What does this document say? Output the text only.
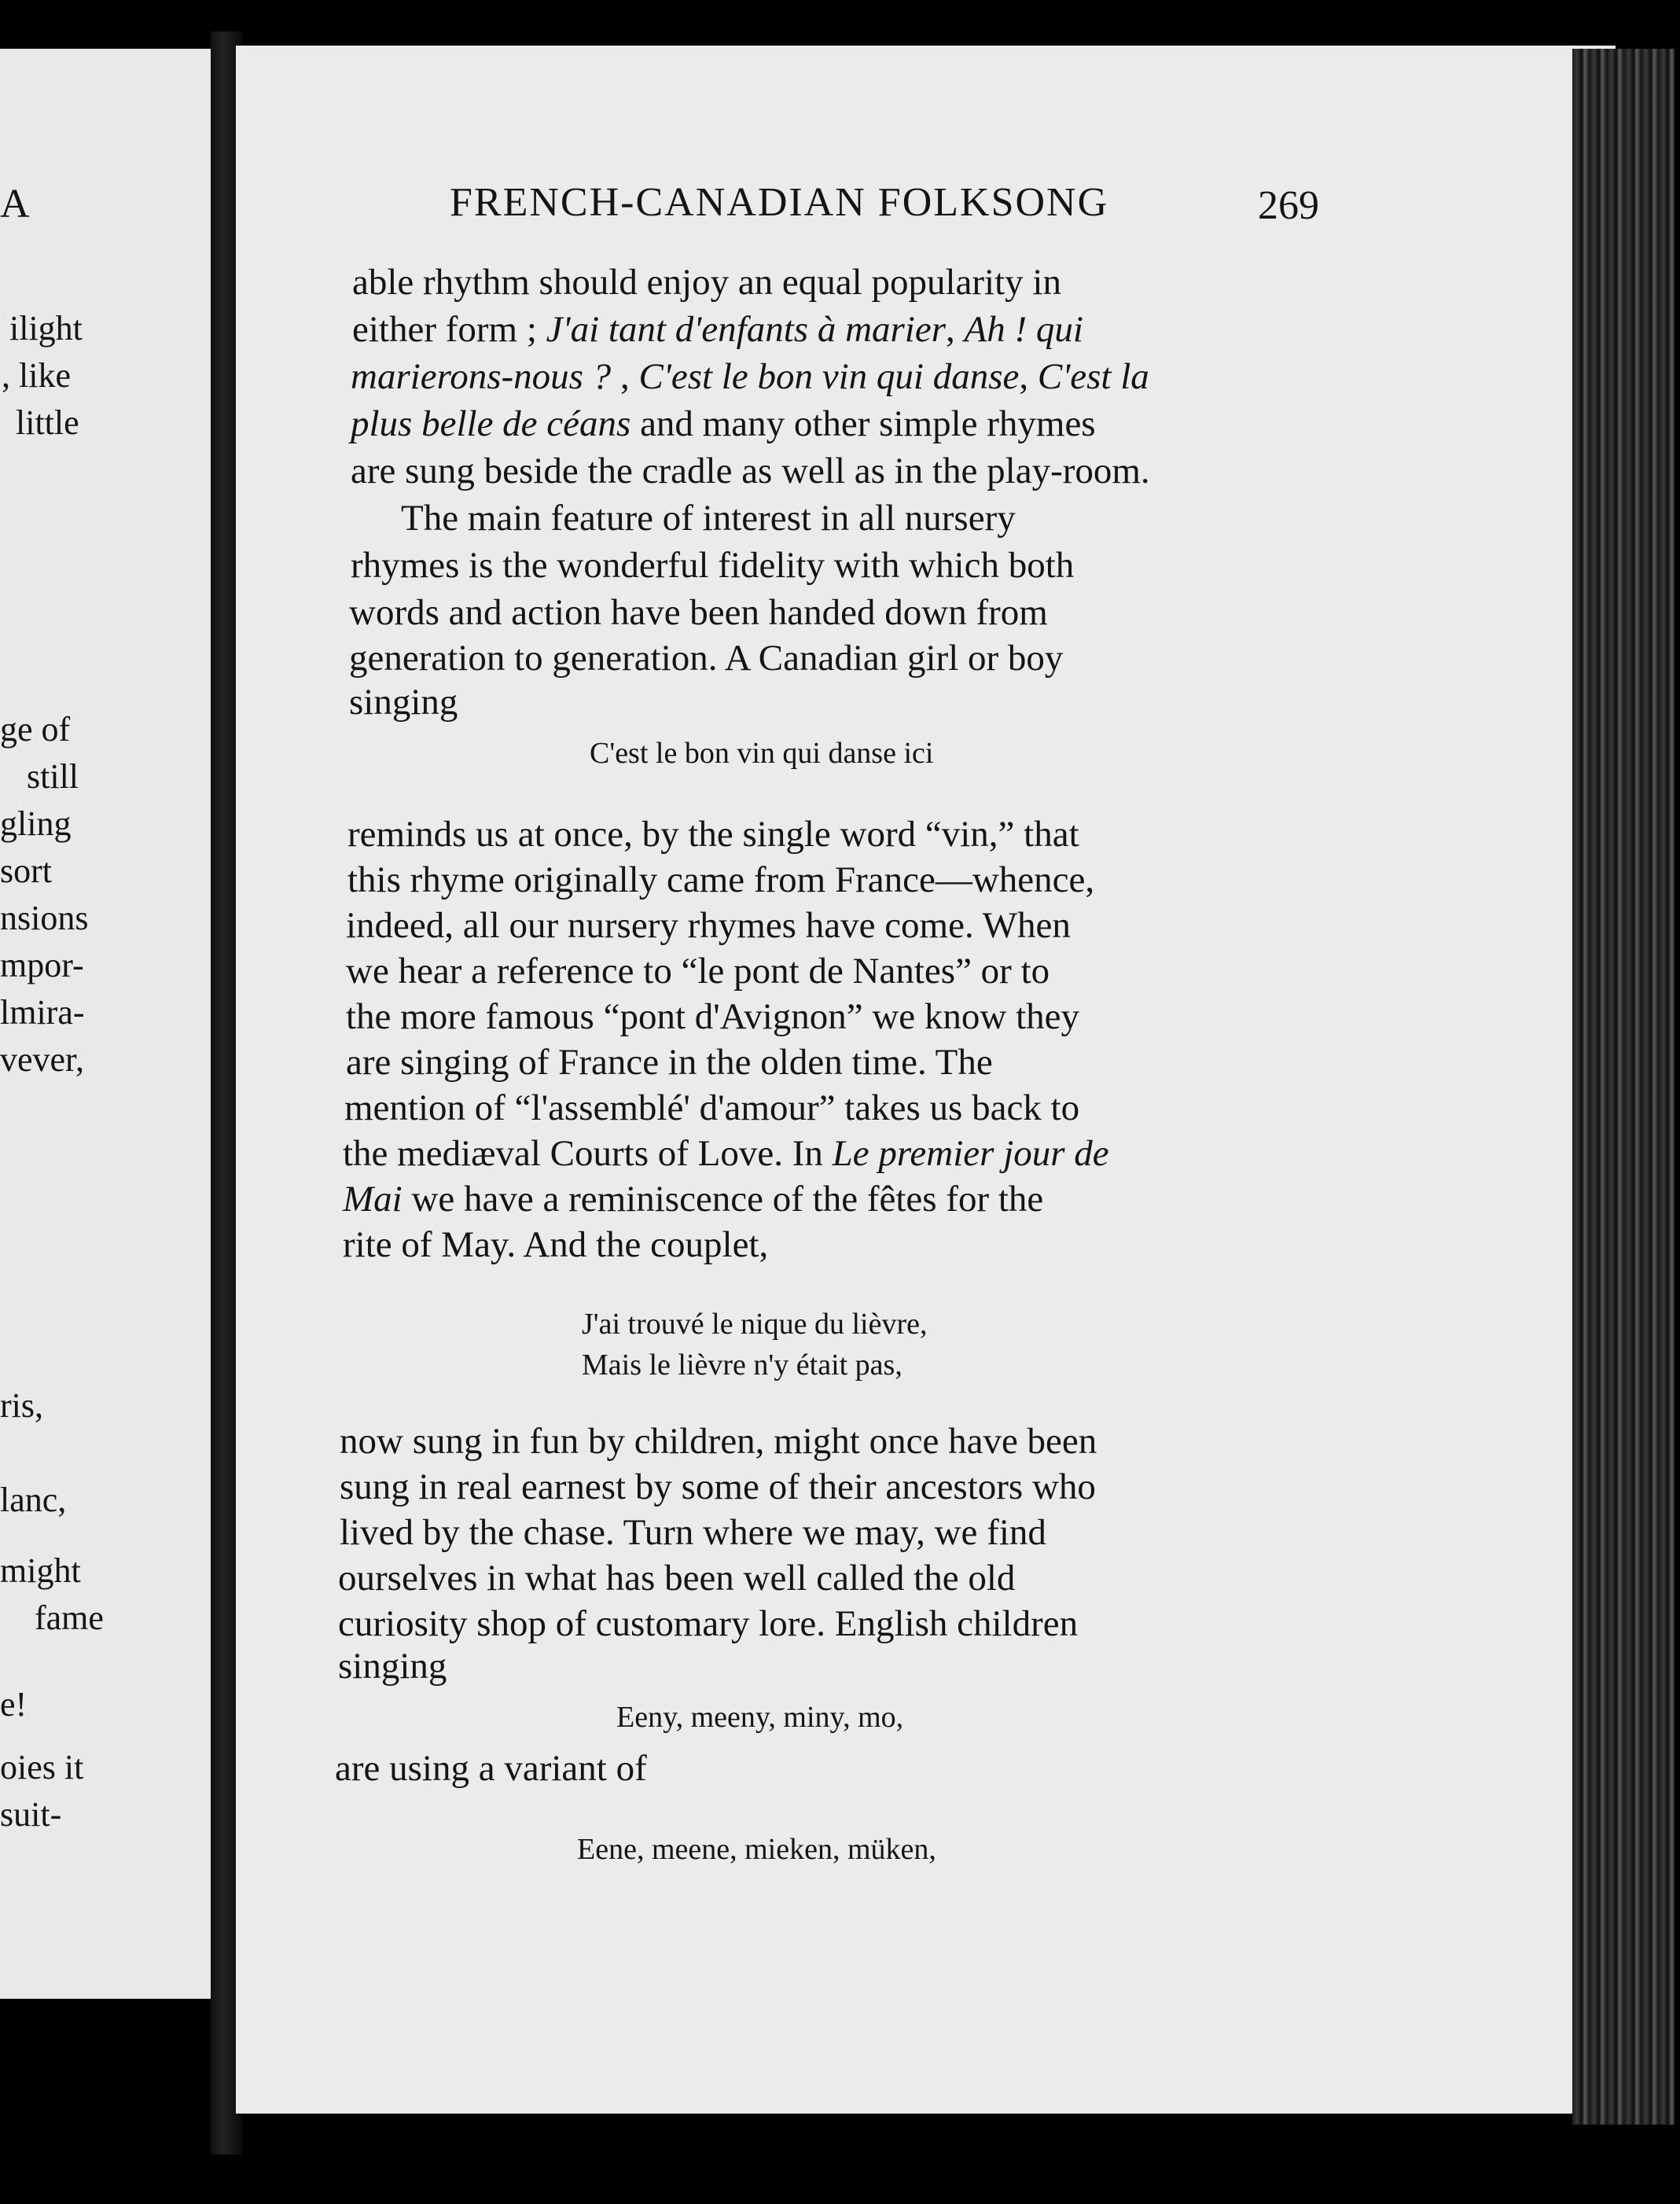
A
ilight
, like
little
ge of
still
gling
sort
nsions
mpor-
lmira-
vever,
ris,
lanc,
might
fame
e!
oies it
suit-
FRENCH-CANADIAN FOLKSONG	269
able rhythm should enjoy an equal popularity in
either form ; J'ai tant d'enfants à marier, Ah ! qui
marierons-nous ? , C'est le bon vin qui danse, C'est la
plus belle de céans and many other simple rhymes
are sung beside the cradle as well as in the play-room.
The main feature of interest in all nursery
rhymes is the wonderful fidelity with which both
words and action have been handed down from
generation to generation. A Canadian girl or boy
singing
C'est le bon vin qui danse ici
reminds us at once, by the single word “vin,” that
this rhyme originally came from France—whence,
indeed, all our nursery rhymes have come. When
we hear a reference to “le pont de Nantes” or to
the more famous “pont d'Avignon” we know they
are singing of France in the olden time. The
mention of “l'assemblé' d'amour” takes us back to
the mediæval Courts of Love. In Le premier jour de
Mai we have a reminiscence of the fêtes for the
rite of May. And the couplet,
J'ai trouvé le nique du lièvre,
Mais le lièvre n'y était pas,
now sung in fun by children, might once have been
sung in real earnest by some of their ancestors who
lived by the chase. Turn where we may, we find
ourselves in what has been well called the old
curiosity shop of customary lore. English children
singing
Eeny, meeny, miny, mo,
are using a variant of
Eene, meene, mieken, müken,
